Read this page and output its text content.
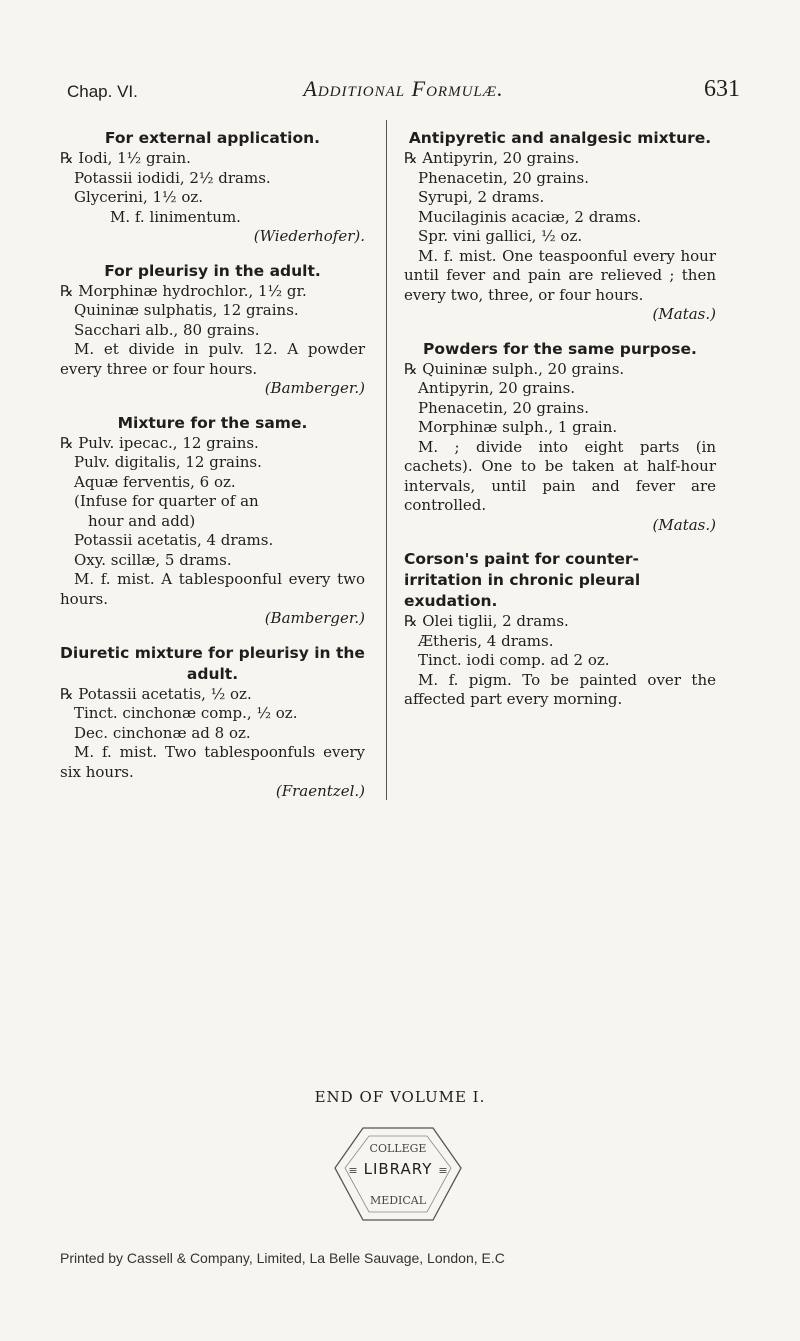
Chap. VI.	Additional Formulæ.	631
For external application.
℞ Iodi, 1½ grain.
Potassii iodidi, 2½ drams.
Glycerini, 1½ oz.
M. f. linimentum.
(Wiederhofer).
For pleurisy in the adult.
℞ Morphinæ hydrochlor., 1½ gr.
Quininæ sulphatis, 12 grains.
Sacchari alb., 80 grains.
M. et divide in pulv. 12. A powder every three or four hours.
(Bamberger.)
Mixture for the same.
℞ Pulv. ipecac., 12 grains.
Pulv. digitalis, 12 grains.
Aquæ ferventis, 6 oz.
(Infuse for quarter of an
hour and add)
Potassii acetatis, 4 drams.
Oxy. scillæ, 5 drams.
M. f. mist. A tablespoonful every two hours.
(Bamberger.)
Diuretic mixture for pleurisy in the adult.
℞ Potassii acetatis, ½ oz.
Tinct. cinchonæ comp., ½ oz.
Dec. cinchonæ ad 8 oz.
M. f. mist. Two tablespoonfuls every six hours.
(Fraentzel.)
Antipyretic and analgesic mixture.
℞ Antipyrin, 20 grains.
Phenacetin, 20 grains.
Syrupi, 2 drams.
Mucilaginis acaciæ, 2 drams.
Spr. vini gallici, ½ oz.
M. f. mist. One teaspoonful every hour until fever and pain are relieved ; then every two, three, or four hours.
(Matas.)
Powders for the same purpose.
℞ Quininæ sulph., 20 grains.
Antipyrin, 20 grains.
Phenacetin, 20 grains.
Morphinæ sulph., 1 grain.
M. ; divide into eight parts (in cachets). One to be taken at half-hour intervals, until pain and fever are controlled.
(Matas.)
Corson's paint for counter-irritation in chronic pleural exudation.
℞ Olei tiglii, 2 drams.
Ætheris, 4 drams.
Tinct. iodi comp. ad 2 oz.
M. f. pigm. To be painted over the affected part every morning.
END OF VOLUME I.
COLLEGE
MEDICAL
≡	≡
LIBRARY
Printed by Cassell & Company, Limited, La Belle Sauvage, London, E.C
